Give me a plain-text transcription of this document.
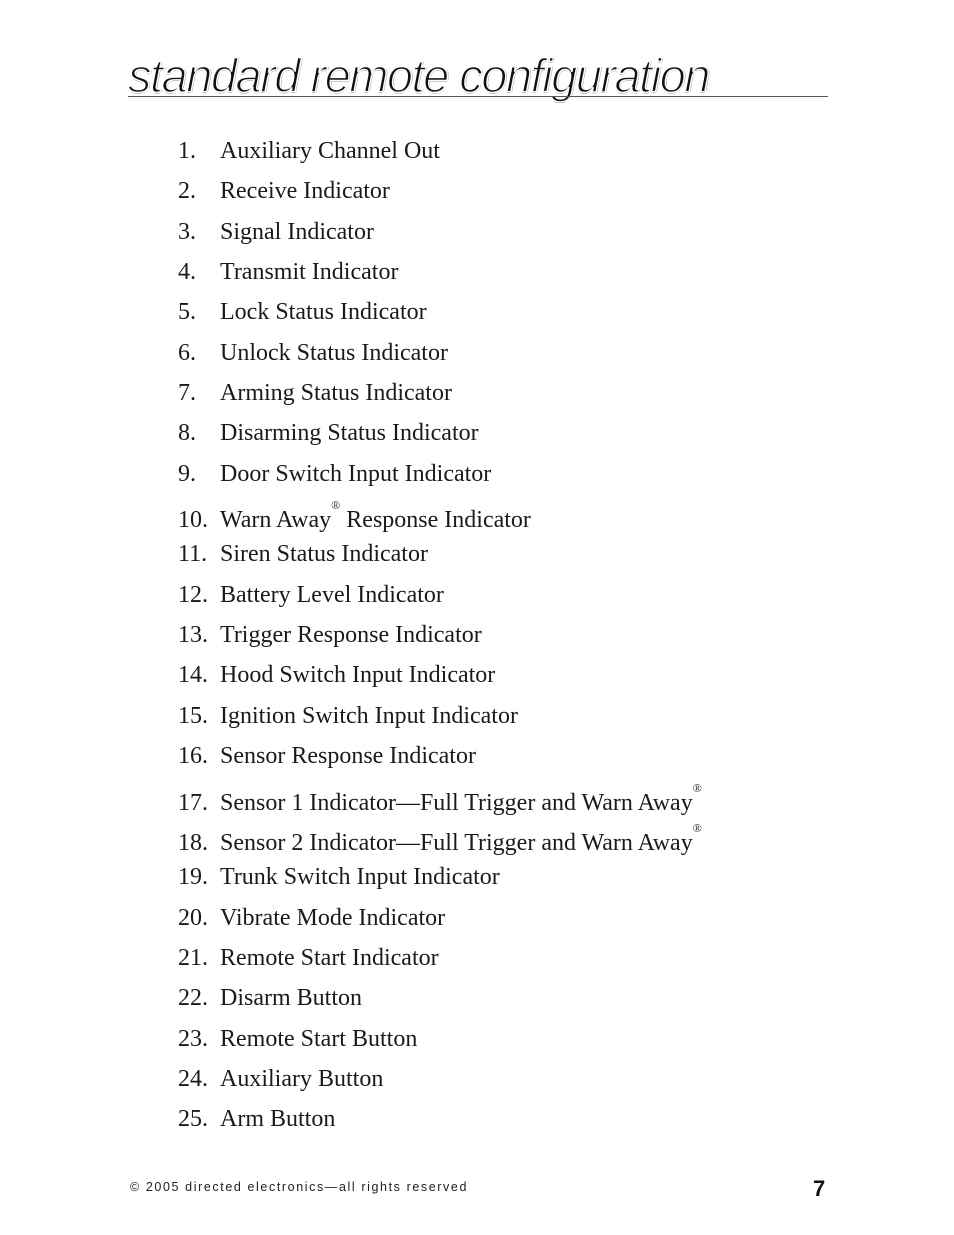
standard remote configuration
1. Auxiliary Channel Out
2. Receive Indicator
3. Signal Indicator
4. Transmit Indicator
5. Lock Status Indicator
6. Unlock Status Indicator
7. Arming Status Indicator
8. Disarming Status Indicator
9. Door Switch Input Indicator
10. Warn Away® Response Indicator
11. Siren Status Indicator
12. Battery Level Indicator
13. Trigger Response Indicator
14. Hood Switch Input Indicator
15. Ignition Switch Input Indicator
16. Sensor Response Indicator
17. Sensor 1 Indicator—Full Trigger and Warn Away®
18. Sensor 2 Indicator—Full Trigger and Warn Away®
19. Trunk Switch Input Indicator
20. Vibrate Mode Indicator
21. Remote Start Indicator
22. Disarm Button
23. Remote Start Button
24. Auxiliary Button
25. Arm Button
© 2005 directed electronics—all rights reserved	7
